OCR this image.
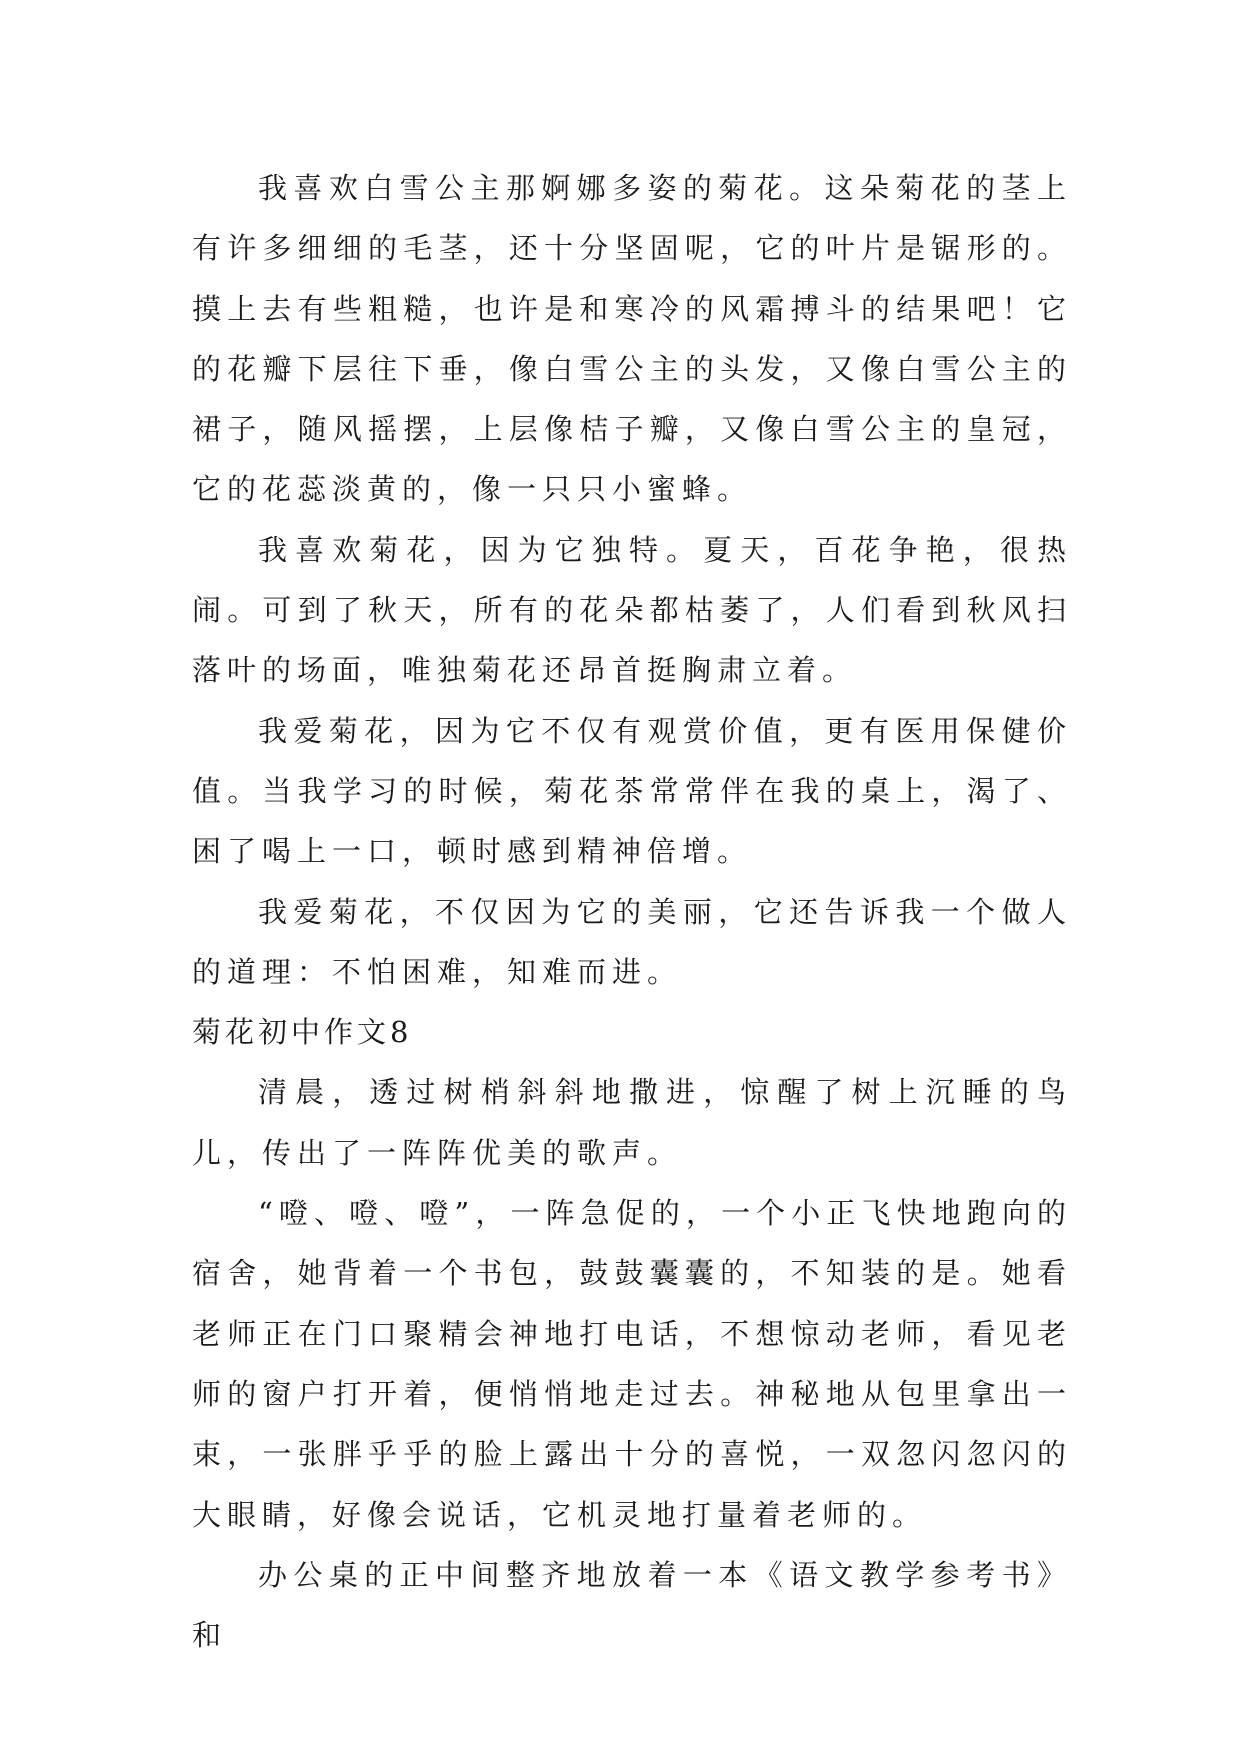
我喜欢白雪公主那婀娜多姿的菊花。这朵菊花的茎上有许多细细的毛茎，还十分坚固呢，它的叶片是锯形的。摸上去有些粗糙，也许是和寒冷的风霜搏斗的结果吧！它的花瓣下层往下垂，像白雪公主的头发，又像白雪公主的裙子，随风摇摆，上层像桔子瓣，又像白雪公主的皇冠，它的花蕊淡黄的，像一只只小蜜蜂。

我喜欢菊花，因为它独特。夏天，百花争艳，很热闹。可到了秋天，所有的花朵都枯萎了，人们看到秋风扫落叶的场面，唯独菊花还昂首挺胸肃立着。

我爱菊花，因为它不仅有观赏价值，更有医用保健价值。当我学习的时候，菊花茶常常伴在我的桌上，渴了、困了喝上一口，顿时感到精神倍增。

我爱菊花，不仅因为它的美丽，它还告诉我一个做人的道理：不怕困难，知难而进。

菊花初中作文8

清晨，透过树梢斜斜地撒进，惊醒了树上沉睡的鸟儿，传出了一阵阵优美的歌声。

“噔、噔、噔”，一阵急促的，一个小正飞快地跑向的宿舍，她背着一个书包，鼓鼓囊囊的，不知装的是。她看老师正在门口聚精会神地打电话，不想惊动老师，看见老师的窗户打开着，便悄悄地走过去。神秘地从包里拿出一束，一张胖乎乎的脸上露出十分的喜悦，一双忽闪忽闪的大眼睛，好像会说话，它机灵地打量着老师的。

办公桌的正中间整齐地放着一本《语文教学参考书》和
